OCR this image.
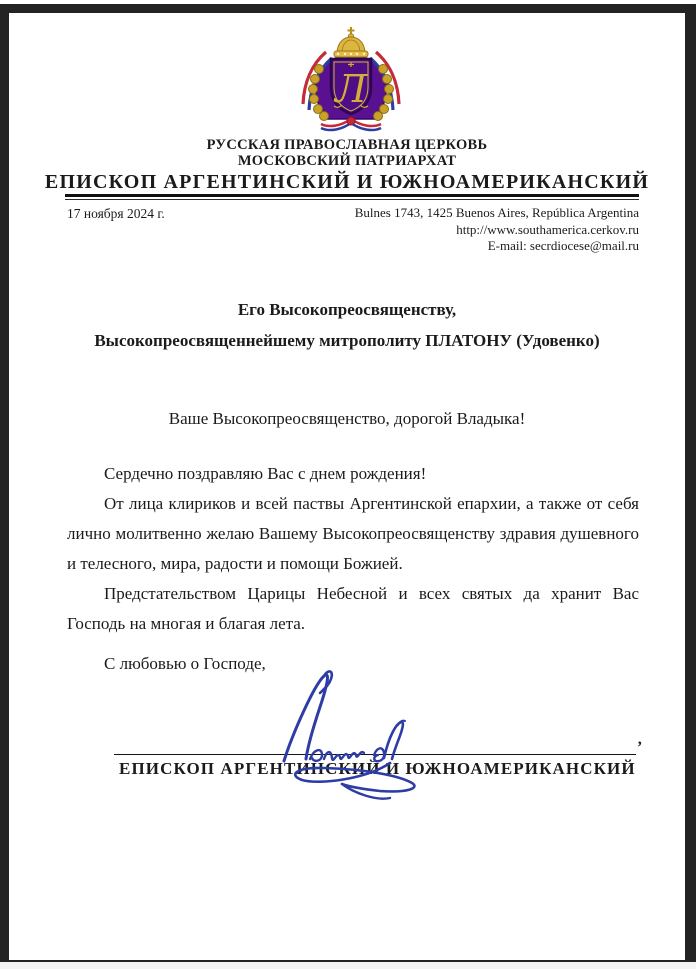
Л
РУССКАЯ ПРАВОСЛАВНАЯ ЦЕРКОВЬ
МОСКОВСКИЙ ПАТРИАРХАТ
ЕПИСКОП АРГЕНТИНСКИЙ И ЮЖНОАМЕРИКАНСКИЙ
17 ноября 2024 г.	Bulnes 1743, 1425 Buenos Aires, República Argentina
http://www.southamerica.cerkov.ru
E-mail: secrdiocese@mail.ru
Его Высокопреосвященству,
Высокопреосвященнейшему митрополиту ПЛАТОНУ (Удовенко)
Ваше Высокопреосвященство, дорогой Владыка!

Сердечно поздравляю Вас с днем рождения!

От лица клириков и всей паствы Аргентинской епархии, а также от себя лично молитвенно желаю Вашему Высокопреосвященству здравия душевного и телесного, мира, радости и помощи Божией.

Предстательством Царицы Небесной и всех святых да хранит Вас Господь на многая и благая лета.

С любовью о Господе,
’
ЕПИСКОП АРГЕНТИНСКИЙ И ЮЖНОАМЕРИКАНСКИЙ
